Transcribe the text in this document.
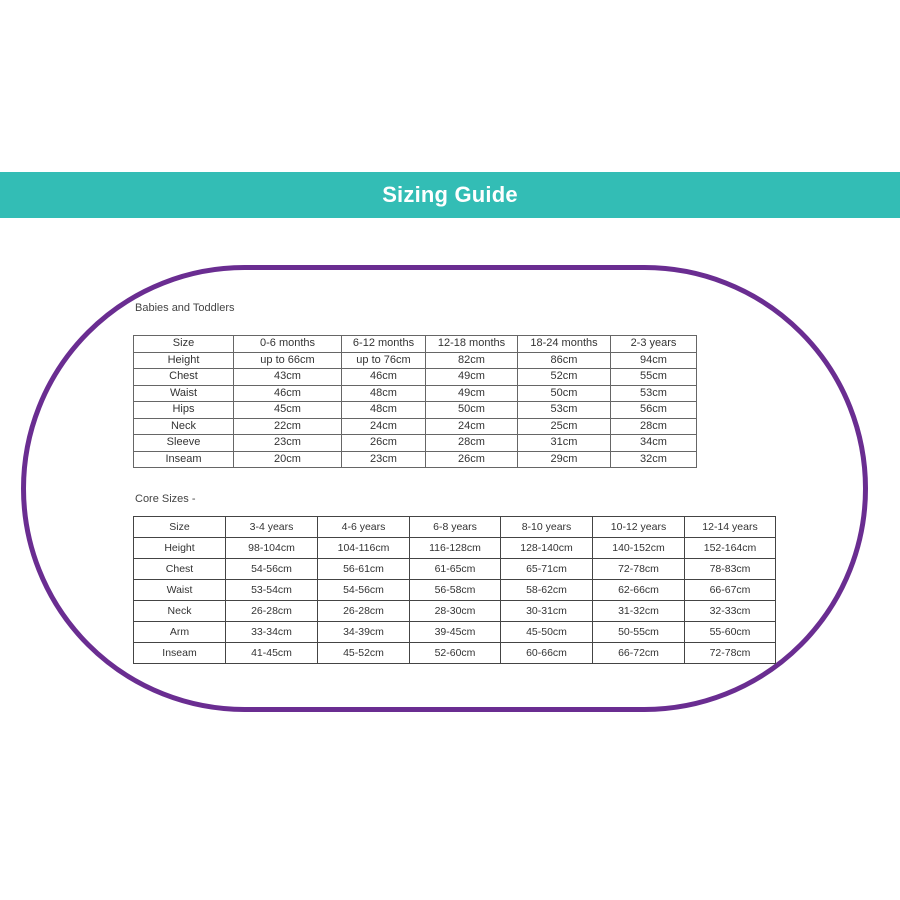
Sizing Guide
Babies and Toddlers
Size	0-6 months	6-12 months	12-18 months	18-24 months	2-3 years
Height	up to 66cm	up to 76cm	82cm	86cm	94cm
Chest	43cm	46cm	49cm	52cm	55cm
Waist	46cm	48cm	49cm	50cm	53cm
Hips	45cm	48cm	50cm	53cm	56cm
Neck	22cm	24cm	24cm	25cm	28cm
Sleeve	23cm	26cm	28cm	31cm	34cm
Inseam	20cm	23cm	26cm	29cm	32cm
Core Sizes -
Size	3-4 years	4-6 years	6-8 years	8-10 years	10-12 years	12-14 years
Height	98-104cm	104-116cm	116-128cm	128-140cm	140-152cm	152-164cm
Chest	54-56cm	56-61cm	61-65cm	65-71cm	72-78cm	78-83cm
Waist	53-54cm	54-56cm	56-58cm	58-62cm	62-66cm	66-67cm
Neck	26-28cm	26-28cm	28-30cm	30-31cm	31-32cm	32-33cm
Arm	33-34cm	34-39cm	39-45cm	45-50cm	50-55cm	55-60cm
Inseam	41-45cm	45-52cm	52-60cm	60-66cm	66-72cm	72-78cm
